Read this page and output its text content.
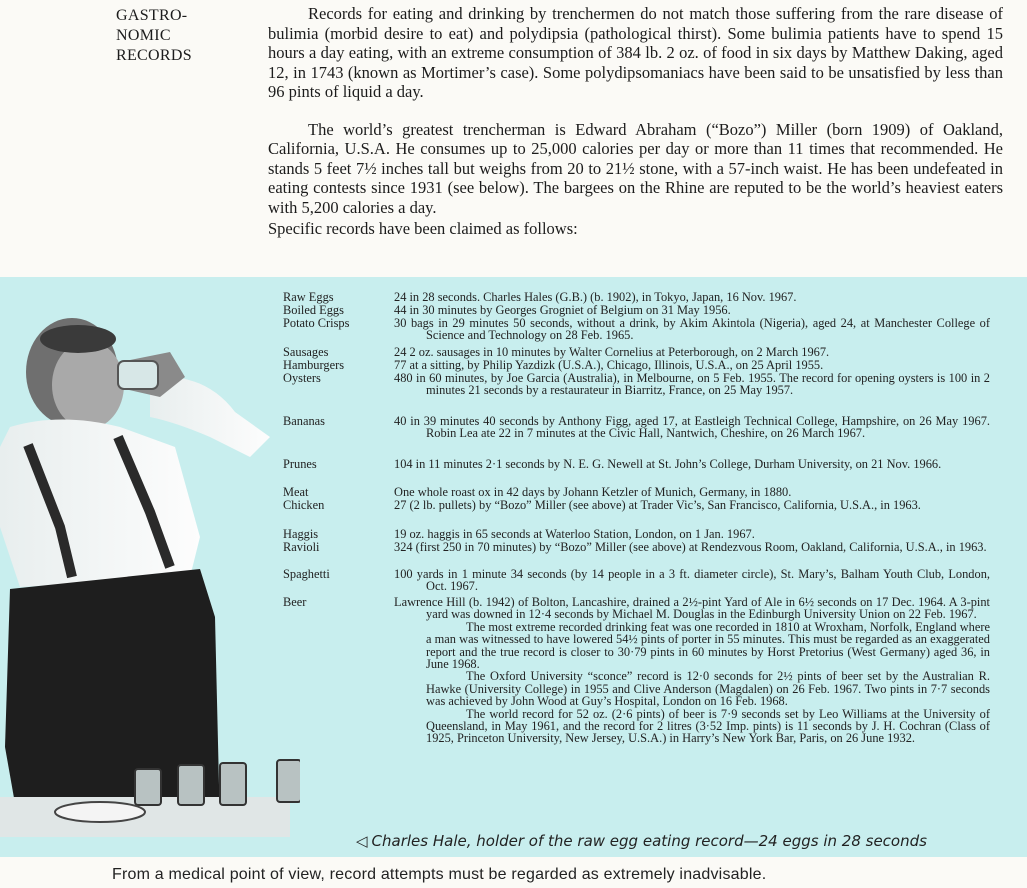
GASTRO-
NOMIC
RECORDS

Records for eating and drinking by trenchermen do not match those suffering from the rare disease of bulimia (morbid desire to eat) and polydipsia (pathological thirst). Some bulimia patients have to spend 15 hours a day eating, with an extreme consumption of 384 lb. 2 oz. of food in six days by Matthew Daking, aged 12, in 1743 (known as Mortimer’s case). Some polydipsomaniacs have been said to be unsatisfied by less than 96 pints of liquid a day.

The world’s greatest trencherman is Edward Abraham (“Bozo”) Miller (born 1909) of Oakland, California, U.S.A. He consumes up to 25,000 calories per day or more than 11 times that recommended. He stands 5 feet 7½ inches tall but weighs from 20 to 21½ stone, with a 57-inch waist. He has been undefeated in eating contests since 1931 (see below). The bargees on the Rhine are reputed to be the world’s heaviest eaters with 5,200 calories a day.

Specific records have been claimed as follows:

Raw Eggs	24 in 28 seconds. Charles Hales (G.B.) (b. 1902), in Tokyo, Japan, 16 Nov. 1967.
Boiled Eggs	44 in 30 minutes by Georges Grogniet of Belgium on 31 May 1956.
Potato Crisps	30 bags in 29 minutes 50 seconds, without a drink, by Akim Akintola (Nigeria), aged 24, at Manchester College of Science and Technology on 28 Feb. 1965.
Sausages	24 2 oz. sausages in 10 minutes by Walter Cornelius at Peterborough, on 2 March 1967.
Hamburgers	77 at a sitting, by Philip Yazdizk (U.S.A.), Chicago, Illinois, U.S.A., on 25 April 1955.
Oysters	480 in 60 minutes, by Joe Garcia (Australia), in Melbourne, on 5 Feb. 1955. The record for opening oysters is 100 in 2 minutes 21 seconds by a restaurateur in Biarritz, France, on 25 May 1957.
Bananas	40 in 39 minutes 40 seconds by Anthony Figg, aged 17, at Eastleigh Technical College, Hampshire, on 26 May 1967. Robin Lea ate 22 in 7 minutes at the Civic Hall, Nantwich, Cheshire, on 26 March 1967.
Prunes	104 in 11 minutes 2·1 seconds by N. E. G. Newell at St. John’s College, Durham University, on 21 Nov. 1966.
Meat	One whole roast ox in 42 days by Johann Ketzler of Munich, Germany, in 1880.
Chicken	27 (2 lb. pullets) by “Bozo” Miller (see above) at Trader Vic’s, San Francisco, California, U.S.A., in 1963.
Haggis	19 oz. haggis in 65 seconds at Waterloo Station, London, on 1 Jan. 1967.
Ravioli	324 (first 250 in 70 minutes) by “Bozo” Miller (see above) at Rendezvous Room, Oakland, California, U.S.A., in 1963.
Spaghetti	100 yards in 1 minute 34 seconds (by 14 people in a 3 ft. diameter circle), St. Mary’s, Balham Youth Club, London, Oct. 1967.
Beer	Lawrence Hill (b. 1942) of Bolton, Lancashire, drained a 2½-pint Yard of Ale in 6½ seconds on 17 Dec. 1964. A 3-pint yard was downed in 12·4 seconds by Michael M. Douglas in the Edinburgh University Union on 22 Feb. 1967.

The most extreme recorded drinking feat was one recorded in 1810 at Wroxham, Norfolk, England where a man was witnessed to have lowered 54½ pints of porter in 55 minutes. This must be regarded as an exaggerated report and the true record is closer to 30·79 pints in 60 minutes by Horst Pretorius (West Germany) aged 36, in June 1968.

The Oxford University “sconce” record is 12·0 seconds for 2½ pints of beer set by the Australian R. Hawke (University College) in 1955 and Clive Anderson (Magdalen) on 26 Feb. 1967. Two pints in 7·7 seconds was achieved by John Wood at Guy’s Hospital, London on 16 Feb. 1968.

The world record for 52 oz. (2·6 pints) of beer is 7·9 seconds set by Leo Williams at the University of Queensland, in May 1961, and the record for 2 litres (3·52 Imp. pints) is 11 seconds by J. H. Cochran (Class of 1925, Princeton University, New Jersey, U.S.A.) in Harry’s New York Bar, Paris, on 26 June 1932.

◁ Charles Hale, holder of the raw egg eating record—24 eggs in 28 seconds
From a medical point of view, record attempts must be regarded as extremely inadvisable.
